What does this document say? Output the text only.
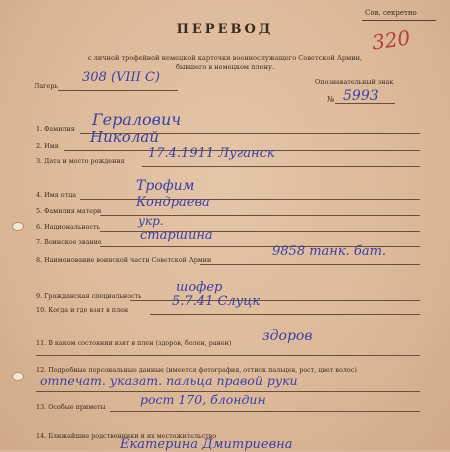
Сов. секретно
320
ПЕРЕВОД
с личной трофейной немецкой карточки военнослужащего Советской Армии,
бывшего в немецком плену.
Лагерь
308 (VIII C)	Опознавательный знак
№ 5993
1. Фамилия Гералович
2. Имя Николай
3. Дата и место рождения 17.4.1911 Луганск
4. Имя отца
Трофим
5. Фамилия матери
Кондраева
6. Национальность	укр.
7. Воинское звание	старшина
8. Наименование воинской части Советской Армии
9858 танк. бат.
9. Гражданская специальность
шофер
10. Когда и где взят в плен
5.7.41 Слуцк
11. В каком состоянии взят в плен (здоров, болен, ранен) здоров
12. Подробные персональные данные (имеется фотография, оттиск пальцев, рост, цвет волос)
отпечат. указат. пальца правой руки
13. Особые приметы	рост 170, блондин
14. Ближайшие родственники и их местожительство
Екатерина Дмитриевна
